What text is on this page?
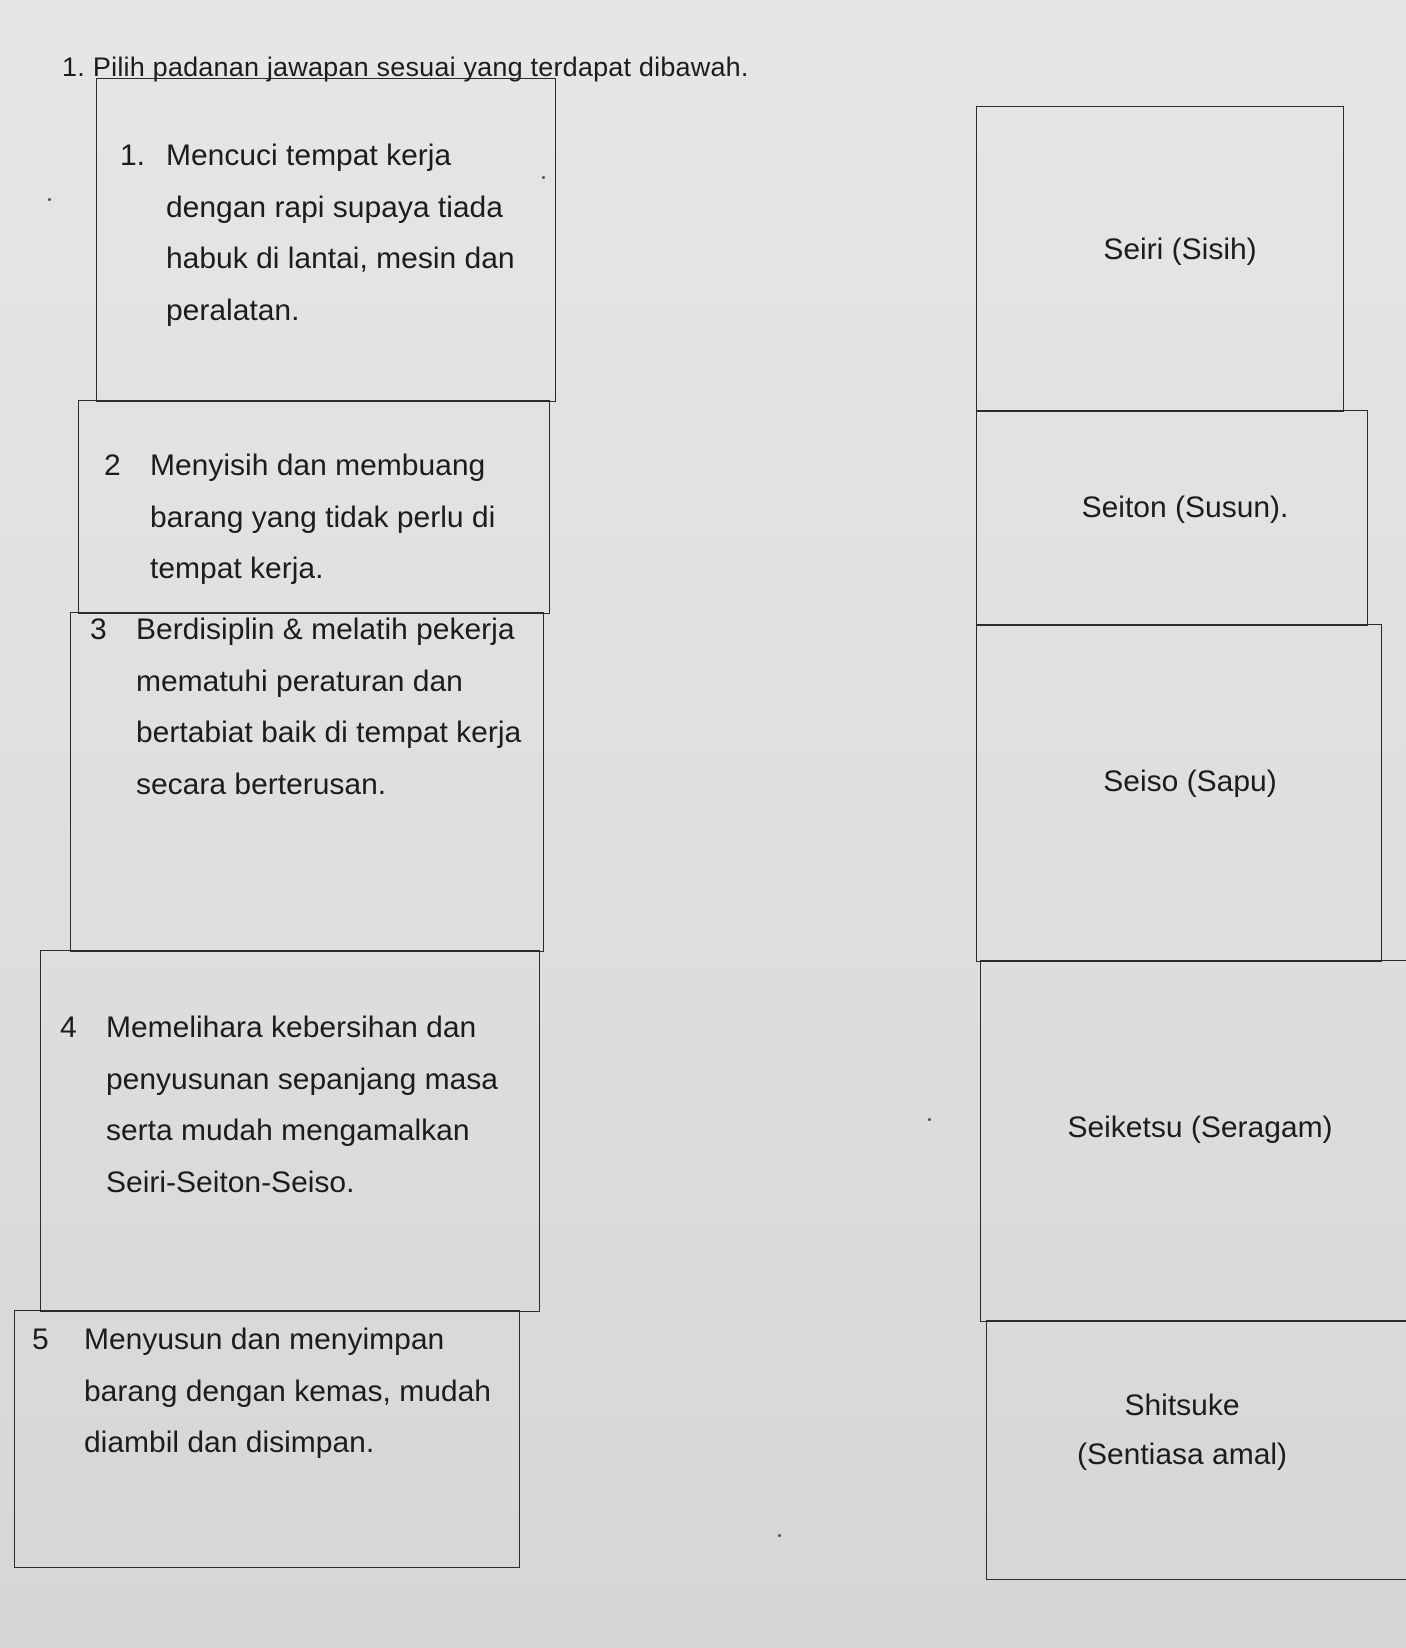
1. Pilih padanan jawapan sesuai yang terdapat dibawah.
1. Mencuci tempat kerja dengan rapi supaya tiada habuk di lantai, mesin dan peralatan.
2 Menyisih dan membuang barang yang tidak perlu di tempat kerja.
3 Berdisiplin & melatih pekerja mematuhi peraturan dan bertabiat baik di tempat kerja secara berterusan.
4 Memelihara kebersihan dan penyusunan sepanjang masa serta mudah mengamalkan Seiri-Seiton-Seiso.
5	Menyusun dan menyimpan barang dengan kemas, mudah diambil dan disimpan.
Seiri (Sisih)
Seiton (Susun).
Seiso (Sapu)
Seiketsu (Seragam)
Shitsuke (Sentiasa amal)
